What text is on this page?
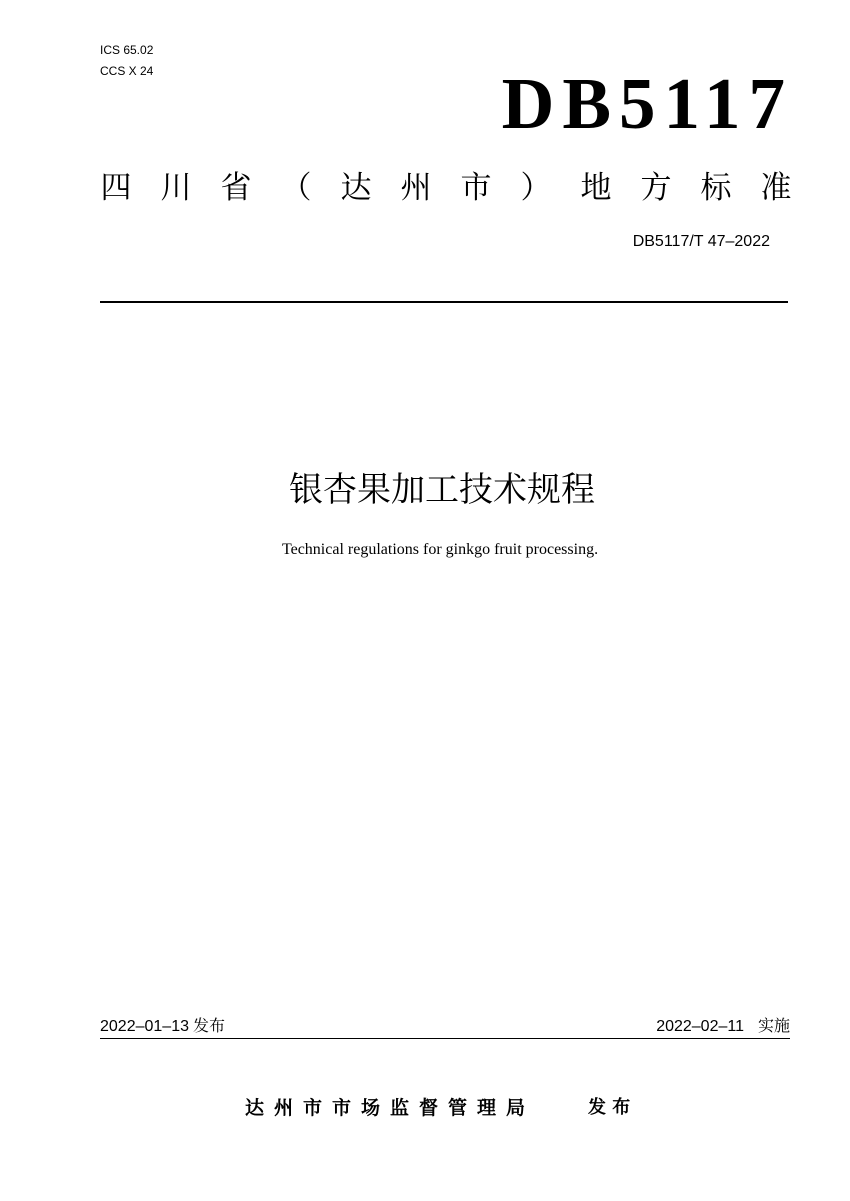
ICS 65.02
CCS X 24	DB5117
四 川 省 （ 达 州 市 ） 地 方 标 准
DB5117/T 47–2022
银杏果加工技术规程
Technical regulations for ginkgo fruit processing.
2022–01–13 发布	2022–02–11 实施
达州市市场监督管理局	发 布
